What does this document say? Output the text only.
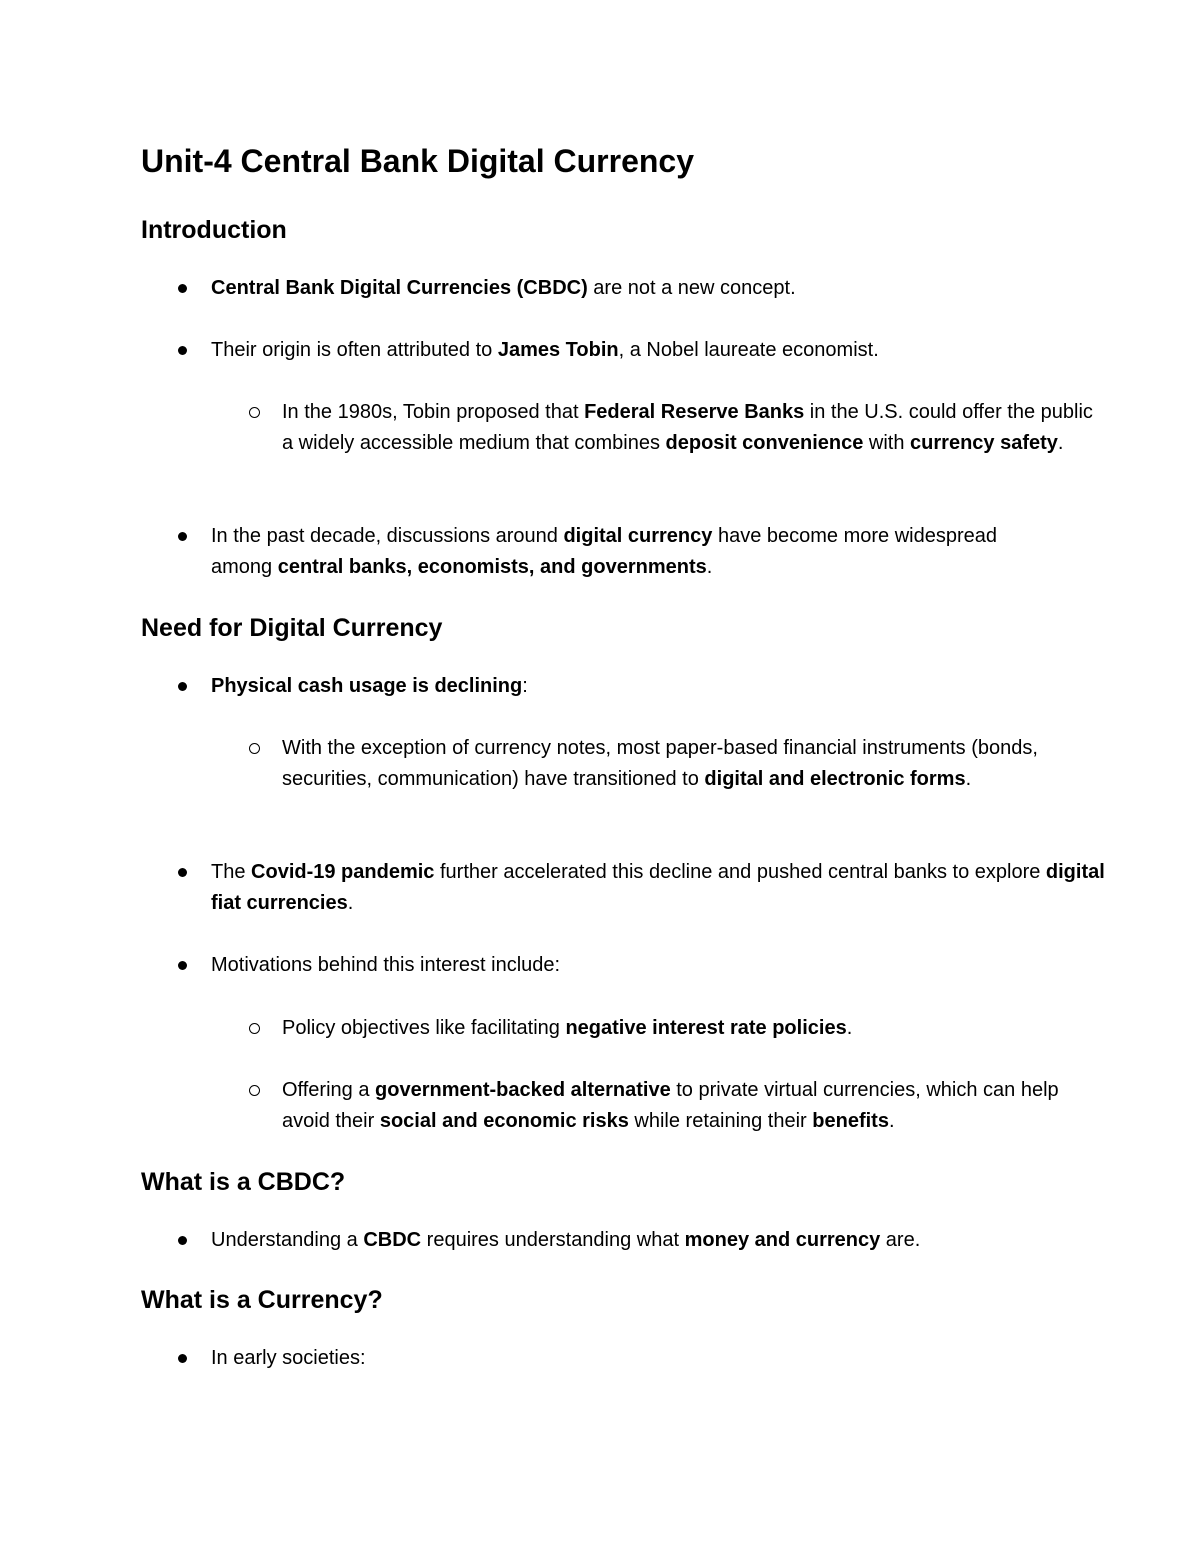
Unit-4 Central Bank Digital Currency
Introduction

Central Bank Digital Currencies (CBDC) are not a new concept.

Their origin is often attributed to James Tobin, a Nobel laureate economist.

In the 1980s, Tobin proposed that Federal Reserve Banks in the U.S. could offer the public a widely accessible medium that combines deposit convenience with currency safety.

In the past decade, discussions around digital currency have become more widespread among central banks, economists, and governments.

Need for Digital Currency

Physical cash usage is declining:

With the exception of currency notes, most paper-based financial instruments (bonds, securities, communication) have transitioned to digital and electronic forms.

The Covid-19 pandemic further accelerated this decline and pushed central banks to explore digital fiat currencies.

Motivations behind this interest include:

Policy objectives like facilitating negative interest rate policies.

Offering a government-backed alternative to private virtual currencies, which can help avoid their social and economic risks while retaining their benefits.

What is a CBDC?

Understanding a CBDC requires understanding what money and currency are.

What is a Currency?

In early societies:
